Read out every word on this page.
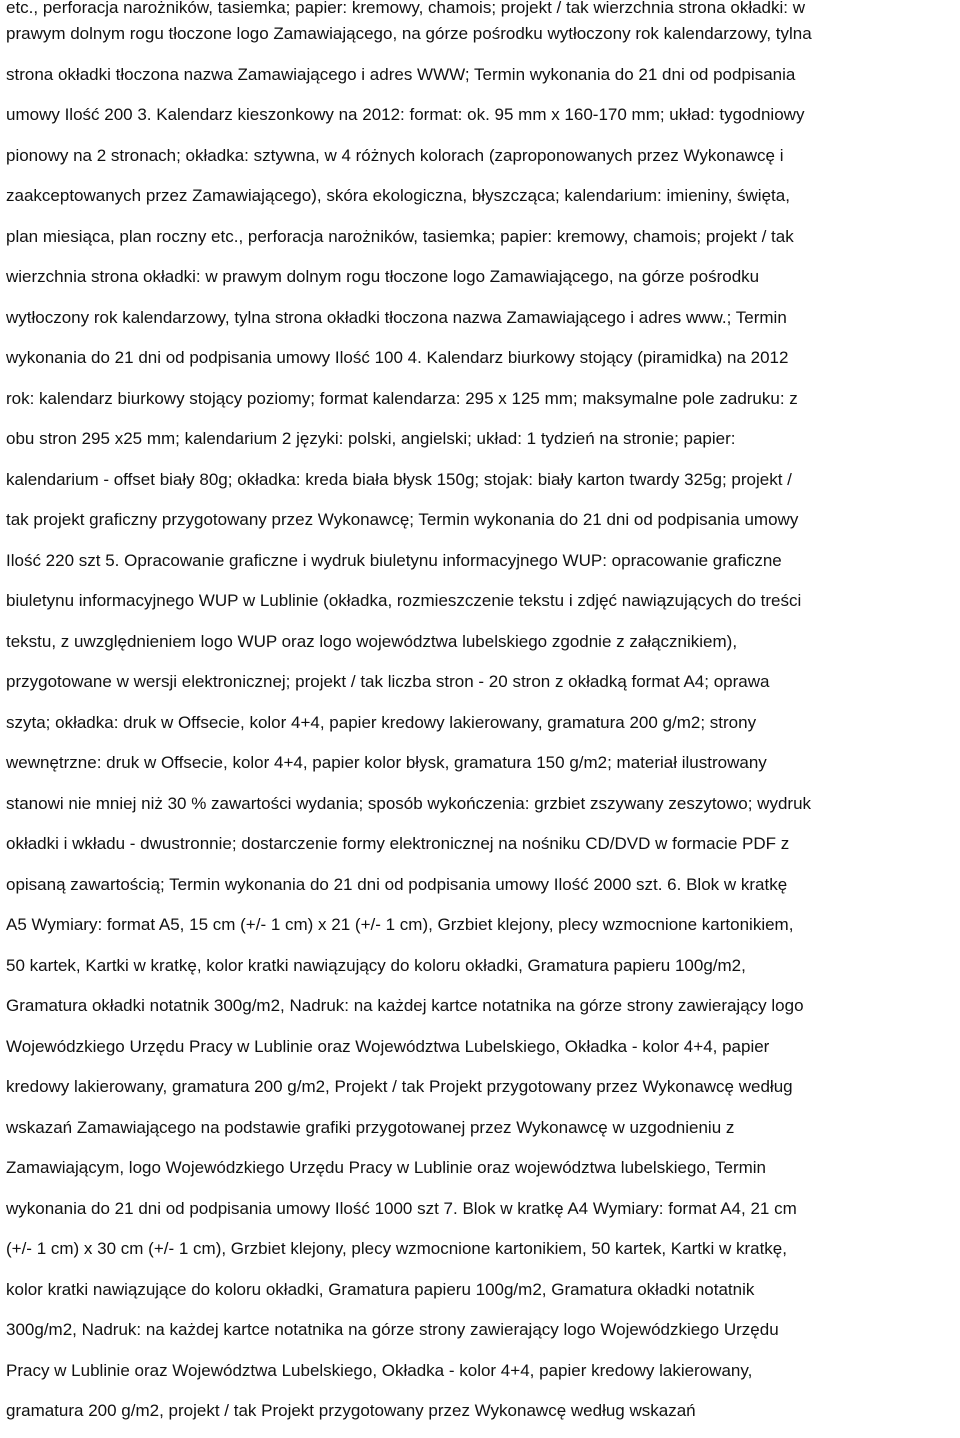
etc., perforacja narożników, tasiemka; papier: kremowy, chamois; projekt / tak wierzchnia strona okładki: w
prawym dolnym rogu tłoczone logo Zamawiającego, na górze pośrodku wytłoczony rok kalendarzowy, tylna
strona okładki tłoczona nazwa Zamawiającego i adres WWW; Termin wykonania do 21 dni od podpisania
umowy Ilość 200 3. Kalendarz kieszonkowy na 2012: format: ok. 95 mm x 160-170 mm; układ: tygodniowy
pionowy na 2 stronach; okładka: sztywna, w 4 różnych kolorach (zaproponowanych przez Wykonawcę i
zaakceptowanych przez Zamawiającego), skóra ekologiczna, błyszcząca; kalendarium: imieniny, święta,
plan miesiąca, plan roczny etc., perforacja narożników, tasiemka; papier: kremowy, chamois; projekt / tak
wierzchnia strona okładki: w prawym dolnym rogu tłoczone logo Zamawiającego, na górze pośrodku
wytłoczony rok kalendarzowy, tylna strona okładki tłoczona nazwa Zamawiającego i adres www.; Termin
wykonania do 21 dni od podpisania umowy Ilość 100 4. Kalendarz biurkowy stojący (piramidka) na 2012
rok: kalendarz biurkowy stojący poziomy; format kalendarza: 295 x 125 mm; maksymalne pole zadruku: z
obu stron 295 x25 mm; kalendarium 2 języki: polski, angielski; układ: 1 tydzień na stronie; papier:
kalendarium - offset biały 80g; okładka: kreda biała błysk 150g; stojak: biały karton twardy 325g; projekt /
tak projekt graficzny przygotowany przez Wykonawcę; Termin wykonania do 21 dni od podpisania umowy
Ilość 220 szt 5. Opracowanie graficzne i wydruk biuletynu informacyjnego WUP: opracowanie graficzne
biuletynu informacyjnego WUP w Lublinie (okładka, rozmieszczenie tekstu i zdjęć nawiązujących do treści
tekstu, z uwzględnieniem logo WUP oraz logo województwa lubelskiego zgodnie z załącznikiem),
przygotowane w wersji elektronicznej; projekt / tak liczba stron - 20 stron z okładką format A4; oprawa
szyta; okładka: druk w Offsecie, kolor 4+4, papier kredowy lakierowany, gramatura 200 g/m2; strony
wewnętrzne: druk w Offsecie, kolor 4+4, papier kolor błysk, gramatura 150 g/m2; materiał ilustrowany
stanowi nie mniej niż 30 % zawartości wydania; sposób wykończenia: grzbiet zszywany zeszytowo; wydruk
okładki i wkładu - dwustronnie; dostarczenie formy elektronicznej na nośniku CD/DVD w formacie PDF z
opisaną zawartością; Termin wykonania do 21 dni od podpisania umowy Ilość 2000 szt. 6. Blok w kratkę
A5 Wymiary: format A5, 15 cm (+/- 1 cm) x 21 (+/- 1 cm), Grzbiet klejony, plecy wzmocnione kartonikiem,
50 kartek, Kartki w kratkę, kolor kratki nawiązujący do koloru okładki, Gramatura papieru 100g/m2,
Gramatura okładki notatnik 300g/m2, Nadruk: na każdej kartce notatnika na górze strony zawierający logo
Wojewódzkiego Urzędu Pracy w Lublinie oraz Województwa Lubelskiego, Okładka - kolor 4+4, papier
kredowy lakierowany, gramatura 200 g/m2, Projekt / tak Projekt przygotowany przez Wykonawcę według
wskazań Zamawiającego na podstawie grafiki przygotowanej przez Wykonawcę w uzgodnieniu z
Zamawiającym, logo Wojewódzkiego Urzędu Pracy w Lublinie oraz województwa lubelskiego, Termin
wykonania do 21 dni od podpisania umowy Ilość 1000 szt 7. Blok w kratkę A4 Wymiary: format A4, 21 cm
(+/- 1 cm) x 30 cm (+/- 1 cm), Grzbiet klejony, plecy wzmocnione kartonikiem, 50 kartek, Kartki w kratkę,
kolor kratki nawiązujące do koloru okładki, Gramatura papieru 100g/m2, Gramatura okładki notatnik
300g/m2, Nadruk: na każdej kartce notatnika na górze strony zawierający logo Wojewódzkiego Urzędu
Pracy w Lublinie oraz Województwa Lubelskiego, Okładka - kolor 4+4, papier kredowy lakierowany,
gramatura 200 g/m2, projekt / tak Projekt przygotowany przez Wykonawcę według wskazań
